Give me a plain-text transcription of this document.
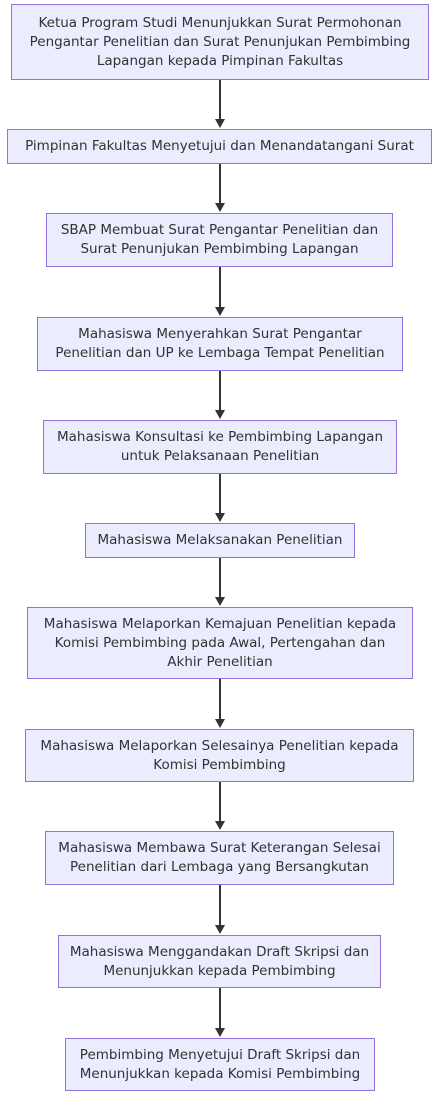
Ketua Program Studi Menunjukkan Surat Permohonan
Pengantar Penelitian dan Surat Penunjukan Pembimbing
Lapangan kepada Pimpinan Fakultas
Pimpinan Fakultas Menyetujui dan Menandatangani Surat
SBAP Membuat Surat Pengantar Penelitian dan
Surat Penunjukan Pembimbing Lapangan
Mahasiswa Menyerahkan Surat Pengantar
Penelitian dan UP ke Lembaga Tempat Penelitian
Mahasiswa Konsultasi ke Pembimbing Lapangan
untuk Pelaksanaan Penelitian
Mahasiswa Melaksanakan Penelitian
Mahasiswa Melaporkan Kemajuan Penelitian kepada
Komisi Pembimbing pada Awal, Pertengahan dan
Akhir Penelitian
Mahasiswa Melaporkan Selesainya Penelitian kepada
Komisi Pembimbing
Mahasiswa Membawa Surat Keterangan Selesai
Penelitian dari Lembaga yang Bersangkutan
Mahasiswa Menggandakan Draft Skripsi dan
Menunjukkan kepada Pembimbing
Pembimbing Menyetujui Draft Skripsi dan
Menunjukkan kepada Komisi Pembimbing
